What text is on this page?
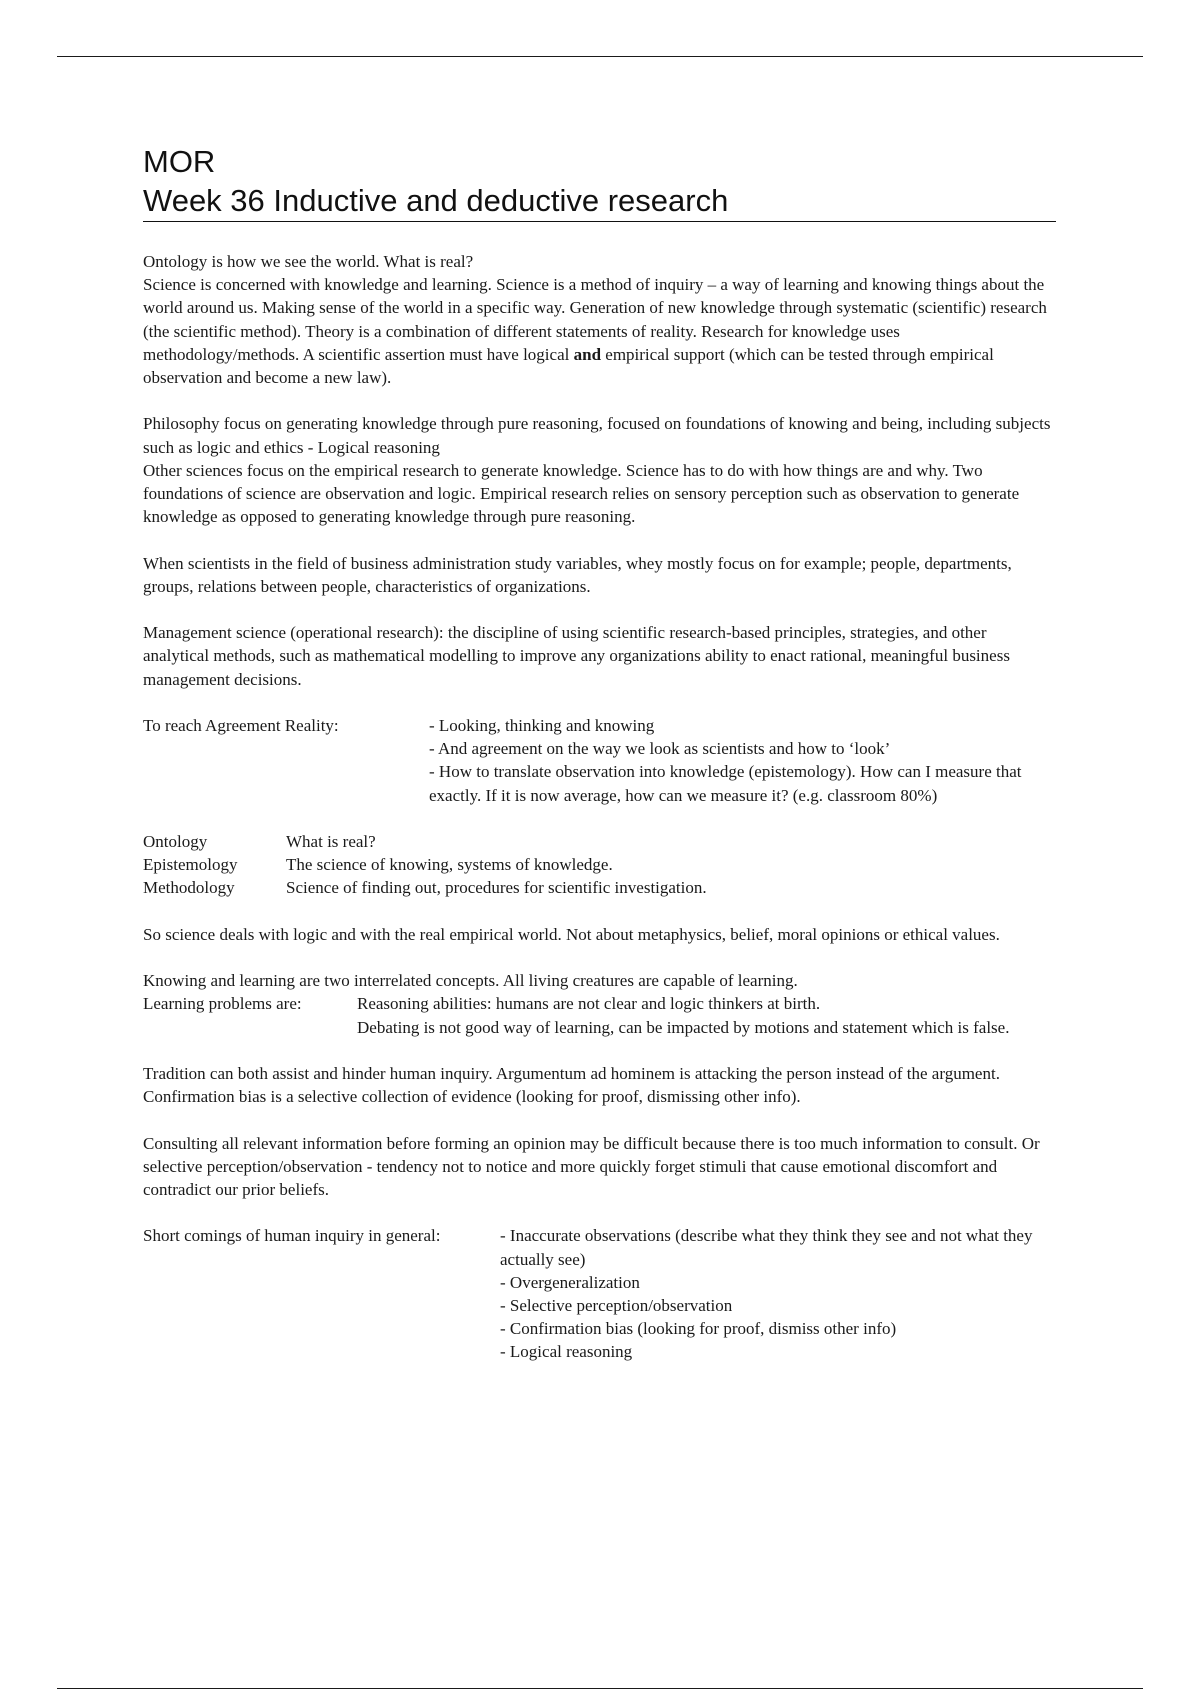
MOR
Week 36 Inductive and deductive research
Ontology is how we see the world. What is real?
Science is concerned with knowledge and learning. Science is a method of inquiry – a way of learning and knowing things about the world around us. Making sense of the world in a specific way. Generation of new knowledge through systematic (scientific) research (the scientific method). Theory is a combination of different statements of reality. Research for knowledge uses methodology/methods. A scientific assertion must have logical and empirical support (which can be tested through empirical observation and become a new law).
Philosophy focus on generating knowledge through pure reasoning, focused on foundations of knowing and being, including subjects such as logic and ethics - Logical reasoning
Other sciences focus on the empirical research to generate knowledge. Science has to do with how things are and why. Two foundations of science are observation and logic. Empirical research relies on sensory perception such as observation to generate knowledge as opposed to generating knowledge through pure reasoning.
When scientists in the field of business administration study variables, whey mostly focus on for example; people, departments, groups, relations between people, characteristics of organizations.
Management science (operational research): the discipline of using scientific research-based principles, strategies, and other analytical methods, such as mathematical modelling to improve any organizations ability to enact rational, meaningful business management decisions.
To reach Agreement Reality:	- Looking, thinking and knowing
- And agreement on the way we look as scientists and how to ‘look’
- How to translate observation into knowledge (epistemology). How can I measure that exactly. If it is now average, how can we measure it? (e.g. classroom 80%)
Ontology	What is real?
Epistemology	The science of knowing, systems of knowledge.
Methodology	Science of finding out, procedures for scientific investigation.
So science deals with logic and with the real empirical world. Not about metaphysics, belief, moral opinions or ethical values.
Knowing and learning are two interrelated concepts. All living creatures are capable of learning.
Learning problems are:	Reasoning abilities: humans are not clear and logic thinkers at birth.
Debating is not good way of learning, can be impacted by motions and statement which is false.
Tradition can both assist and hinder human inquiry. Argumentum ad hominem is attacking the person instead of the argument. Confirmation bias is a selective collection of evidence (looking for proof, dismissing other info).
Consulting all relevant information before forming an opinion may be difficult because there is too much information to consult. Or selective perception/observation - tendency not to notice and more quickly forget stimuli that cause emotional discomfort and contradict our prior beliefs.
Short comings of human inquiry in general:	- Inaccurate observations (describe what they think they see and not what they actually see)
- Overgeneralization
- Selective perception/observation
- Confirmation bias (looking for proof, dismiss other info)
- Logical reasoning
